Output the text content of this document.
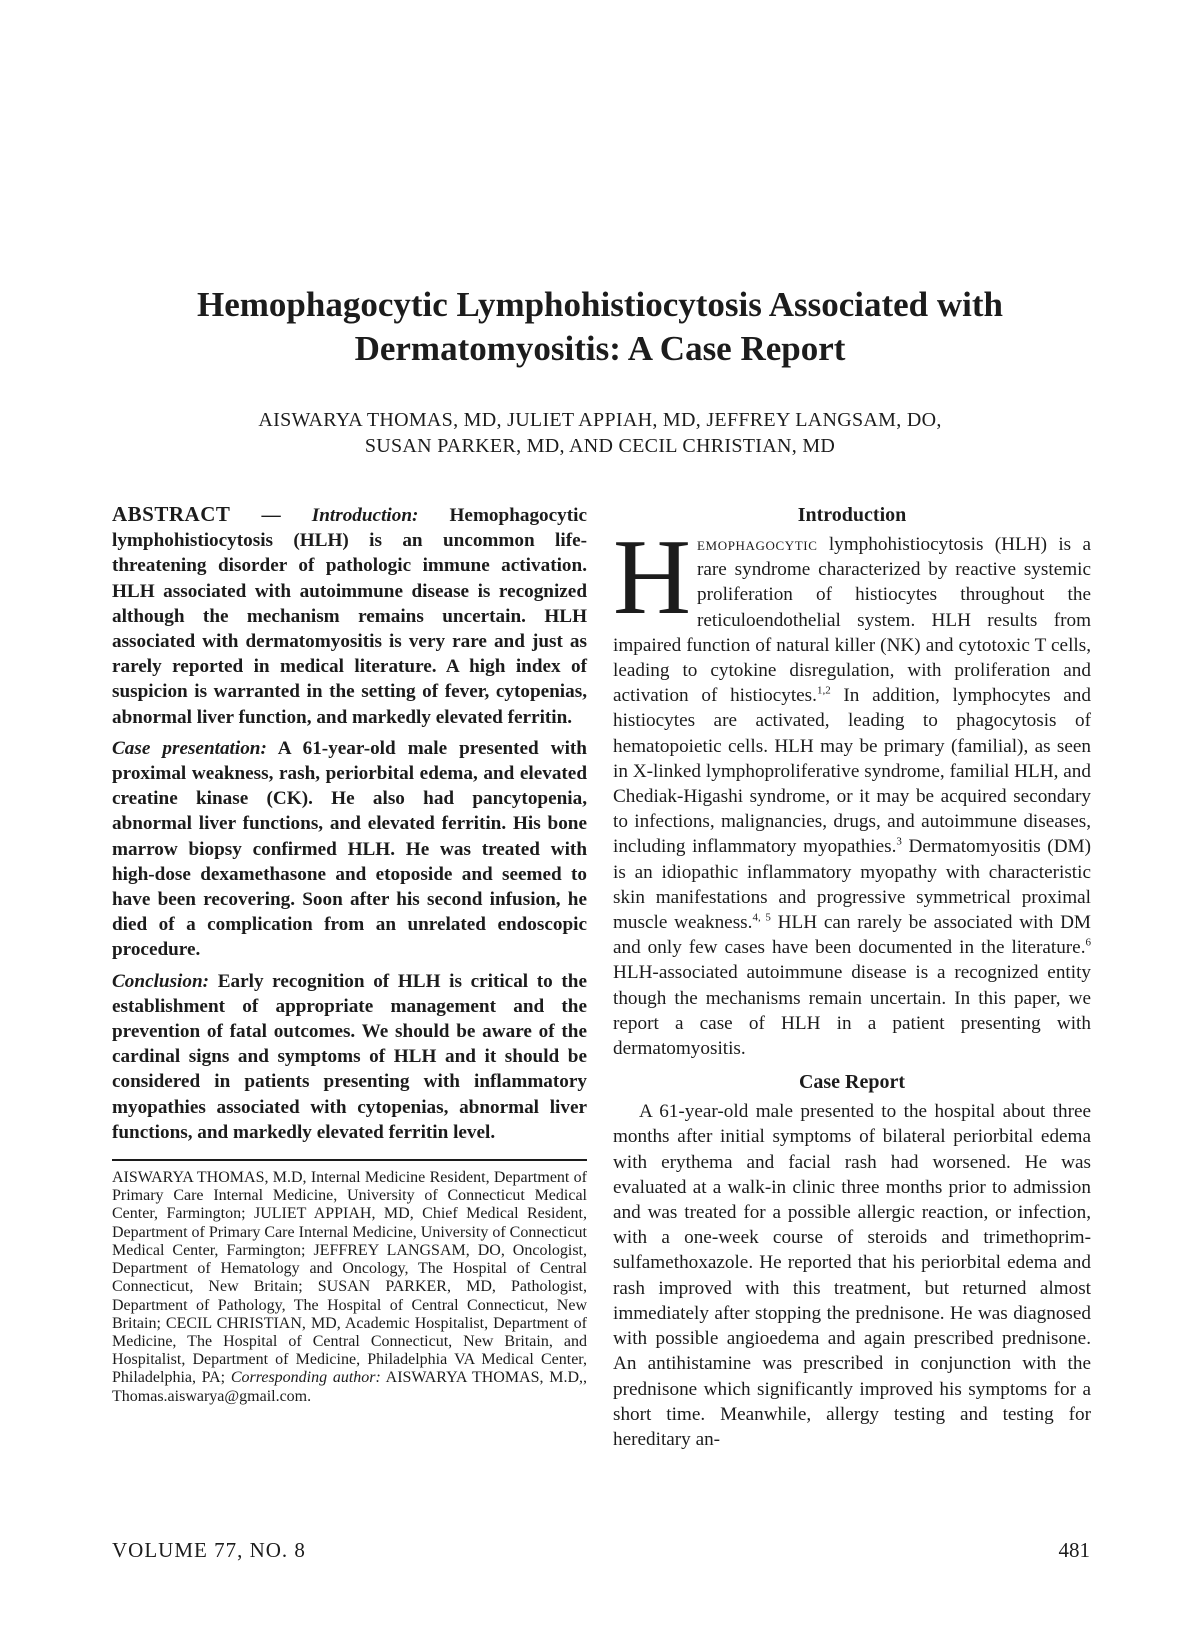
Hemophagocytic Lymphohistiocytosis Associated with
Dermatomyositis: A Case Report
AISWARYA THOMAS, MD, JULIET APPIAH, MD, JEFFREY LANGSAM, DO,
SUSAN PARKER, MD, AND CECIL CHRISTIAN, MD

ABSTRACT — Introduction: Hemophagocytic lymphohistiocytosis (HLH) is an uncommon life-threatening disorder of pathologic immune activation. HLH associated with autoimmune disease is recognized although the mechanism remains uncertain. HLH associated with dermatomyositis is very rare and just as rarely reported in medical literature. A high index of suspicion is warranted in the setting of fever, cytopenias, abnormal liver function, and markedly elevated ferritin.

Case presentation: A 61-year-old male presented with proximal weakness, rash, periorbital edema, and elevated creatine kinase (CK). He also had pancytopenia, abnormal liver functions, and elevated ferritin. His bone marrow biopsy confirmed HLH. He was treated with high-dose dexamethasone and etoposide and seemed to have been recovering. Soon after his second infusion, he died of a complication from an unrelated endoscopic procedure.

Conclusion: Early recognition of HLH is critical to the establishment of appropriate management and the prevention of fatal outcomes. We should be aware of the cardinal signs and symptoms of HLH and it should be considered in patients presenting with inflammatory myopathies associated with cytopenias, abnormal liver functions, and markedly elevated ferritin level.

AISWARYA THOMAS, M.D, Internal Medicine Resident, Department of Primary Care Internal Medicine, University of Connecticut Medical Center, Farmington; JULIET APPIAH, MD, Chief Medical Resident, Department of Primary Care Internal Medicine, University of Connecticut Medical Center, Farmington; JEFFREY LANGSAM, DO, Oncologist, Department of Hematology and Oncology, The Hospital of Central Connecticut, New Britain; SUSAN PARKER, MD, Pathologist, Department of Pathology, The Hospital of Central Connecticut, New Britain; CECIL CHRISTIAN, MD, Academic Hospitalist, Department of Medicine, The Hospital of Central Connecticut, New Britain, and Hospitalist, Department of Medicine, Philadelphia VA Medical Center, Philadelphia, PA; Corresponding author: AISWARYA THOMAS, M.D,, Thomas.aiswarya@gmail.com.

Introduction

Hemophagocytic lymphohistiocytosis (HLH) is a rare syndrome characterized by reactive systemic proliferation of histiocytes throughout the reticuloendothelial system. HLH results from impaired function of natural killer (NK) and cytotoxic T cells, leading to cytokine disregulation, with proliferation and activation of histiocytes.$^{1,2}$ In addition, lymphocytes and histiocytes are activated, leading to phagocytosis of hematopoietic cells. HLH may be primary (familial), as seen in X-linked lymphoproliferative syndrome, familial HLH, and Chediak-Higashi syndrome, or it may be acquired secondary to infections, malignancies, drugs, and autoimmune diseases, including inflammatory myopathies.$^3$ Dermatomyositis (DM) is an idiopathic inflammatory myopathy with characteristic skin manifestations and progressive symmetrical proximal muscle weakness.$^{4, 5}$ HLH can rarely be associated with DM and only few cases have been documented in the literature.$^6$ HLH-associated autoimmune disease is a recognized entity though the mechanisms remain uncertain. In this paper, we report a case of HLH in a patient presenting with dermatomyositis.

Case Report

A 61-year-old male presented to the hospital about three months after initial symptoms of bilateral periorbital edema with erythema and facial rash had worsened. He was evaluated at a walk-in clinic three months prior to admission and was treated for a possible allergic reaction, or infection, with a one-week course of steroids and trimethoprim-sulfamethoxazole. He reported that his periorbital edema and rash improved with this treatment, but returned almost immediately after stopping the prednisone. He was diagnosed with possible angioedema and again prescribed prednisone. An antihistamine was prescribed in conjunction with the prednisone which significantly improved his symptoms for a short time. Meanwhile, allergy testing and testing for hereditary an-

VOLUME 77, NO. 8	481
